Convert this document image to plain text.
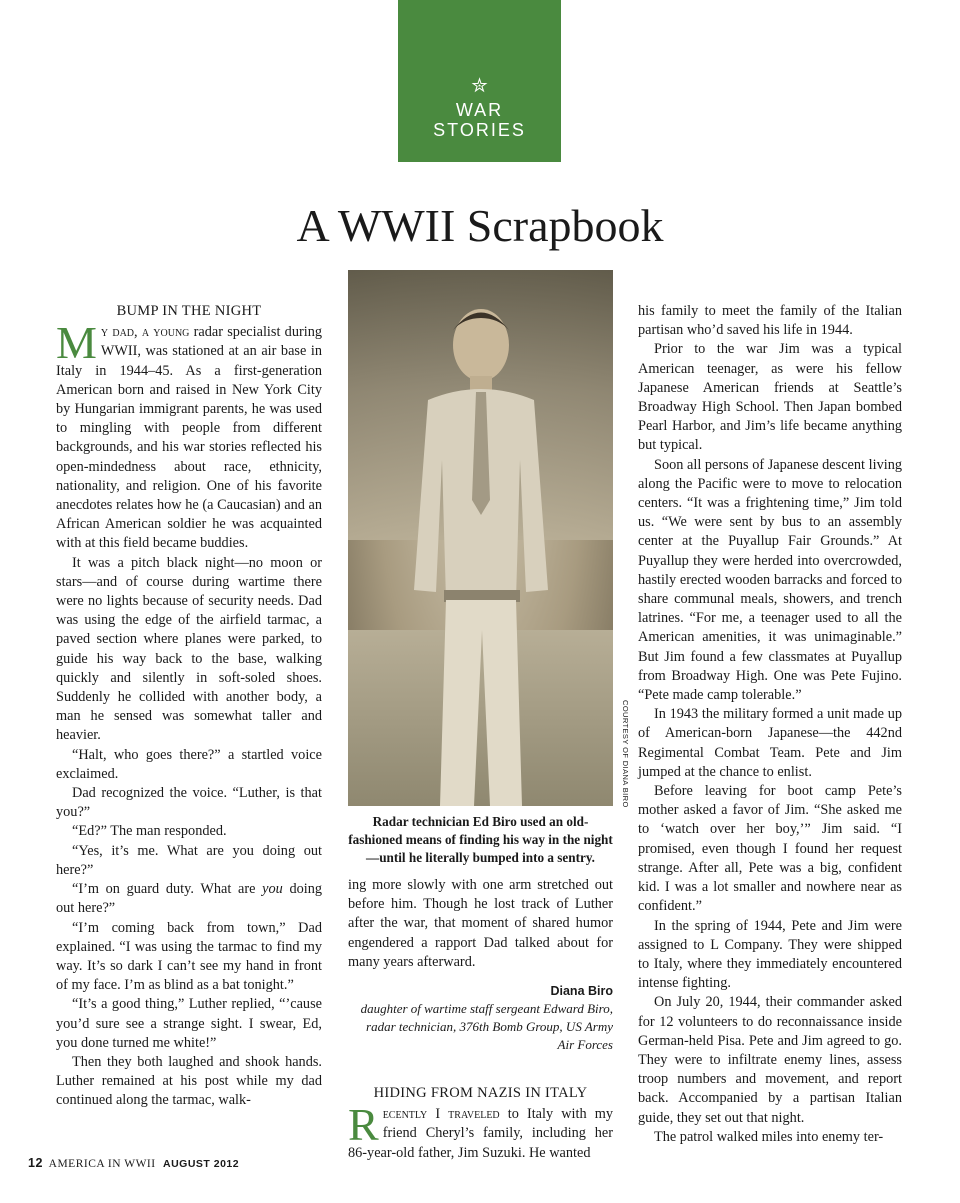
✮
WAR
STORIES
A WWII Scrapbook
BUMP IN THE NIGHT

My dad, a young radar specialist during WWII, was stationed at an air base in Italy in 1944–45. As a first-generation American born and raised in New York City by Hungarian immigrant parents, he was used to mingling with people from different backgrounds, and his war stories reflected his open-mindedness about race, ethnicity, nationality, and religion. One of his favorite anecdotes relates how he (a Caucasian) and an African American soldier he was acquainted with at this field became buddies.

It was a pitch black night—no moon or stars—and of course during wartime there were no lights because of security needs. Dad was using the edge of the airfield tarmac, a paved section where planes were parked, to guide his way back to the base, walking quickly and silently in soft-soled shoes. Suddenly he collided with another body, a man he sensed was somewhat taller and heavier.

“Halt, who goes there?” a startled voice exclaimed.

Dad recognized the voice. “Luther, is that you?”

“Ed?” The man responded.

“Yes, it’s me. What are you doing out here?”

“I’m on guard duty. What are you doing out here?”

“I’m coming back from town,” Dad explained. “I was using the tarmac to find my way. It’s so dark I can’t see my hand in front of my face. I’m as blind as a bat tonight.”

“It’s a good thing,” Luther replied, “’cause you’d sure see a strange sight. I swear, Ed, you done turned me white!”

Then they both laughed and shook hands. Luther remained at his post while my dad continued along the tarmac, walk-

COURTESY OF DIANA BIRO
Radar technician Ed Biro used an old-fashioned means of finding his way in the night—until he literally bumped into a sentry.

ing more slowly with one arm stretched out before him. Though he lost track of Luther after the war, that moment of shared humor engendered a rapport Dad talked about for many years afterward.

Diana Biro
daughter of wartime staff sergeant Edward Biro, radar technician, 376th Bomb Group, US Army Air Forces
HIDING FROM NAZIS IN ITALY

Recently I traveled to Italy with my friend Cheryl’s family, including her 86-year-old father, Jim Suzuki. He wanted

his family to meet the family of the Italian partisan who’d saved his life in 1944.

Prior to the war Jim was a typical American teenager, as were his fellow Japanese American friends at Seattle’s Broadway High School. Then Japan bombed Pearl Harbor, and Jim’s life became anything but typical.

Soon all persons of Japanese descent living along the Pacific were to move to relocation centers. “It was a frightening time,” Jim told us. “We were sent by bus to an assembly center at the Puyallup Fair Grounds.” At Puyallup they were herded into overcrowded, hastily erected wooden barracks and forced to share communal meals, showers, and trench latrines. “For me, a teenager used to all the American amenities, it was unimaginable.” But Jim found a few classmates at Puyallup from Broadway High. One was Pete Fujino. “Pete made camp tolerable.”

In 1943 the military formed a unit made up of American-born Japanese—the 442nd Regimental Combat Team. Pete and Jim jumped at the chance to enlist.

Before leaving for boot camp Pete’s mother asked a favor of Jim. “She asked me to ‘watch over her boy,’” Jim said. “I promised, even though I found her request strange. After all, Pete was a big, confident kid. I was a lot smaller and nowhere near as confident.”

In the spring of 1944, Pete and Jim were assigned to L Company. They were shipped to Italy, where they immediately encountered intense fighting.

On July 20, 1944, their commander asked for 12 volunteers to do reconnaissance inside German-held Pisa. Pete and Jim agreed to go. They were to infiltrate enemy lines, assess troop numbers and movement, and report back. Accompanied by a partisan Italian guide, they set out that night.

The patrol walked miles into enemy ter-

12 AMERICA IN WWII AUGUST 2012
